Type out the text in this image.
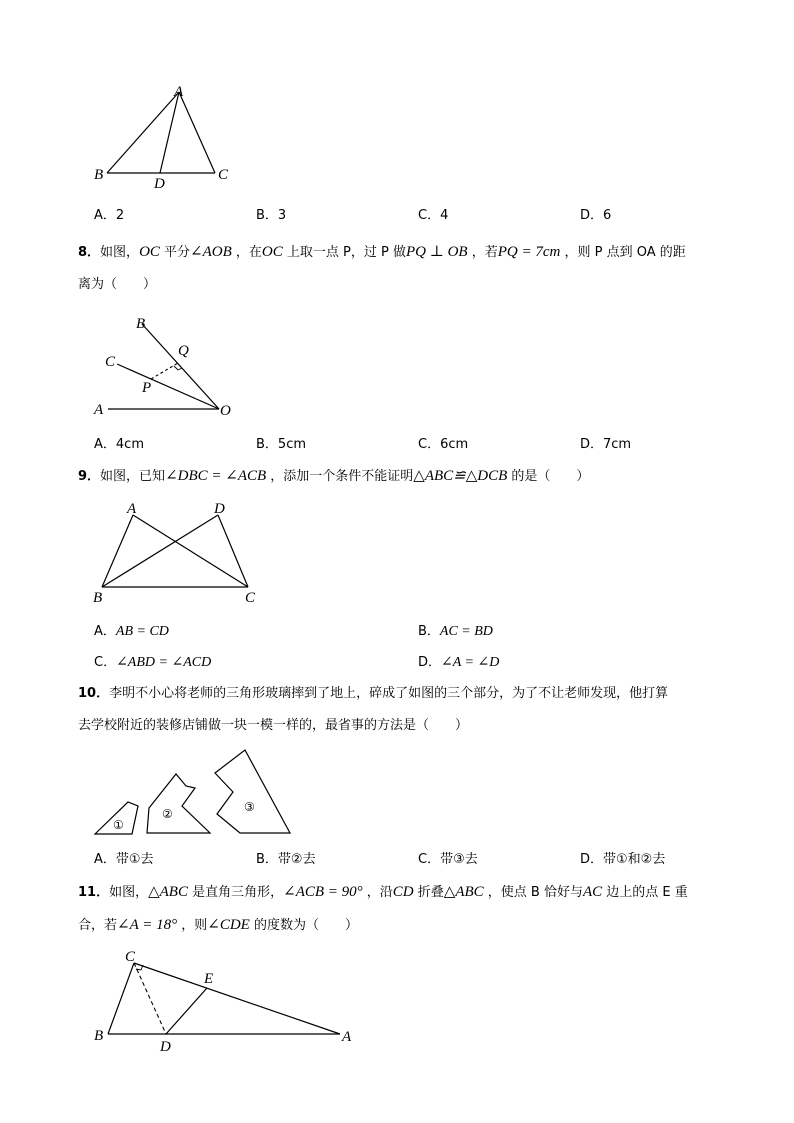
A
B	C
D
A．2	B．3	C．4	D．6
8．如图，OC 平分∠AOB ，在OC 上取一点 P，过 P 做PQ ⊥ OB ，若PQ = 7cm ，则 P 点到 OA 的距
离为（　　）
B
C
A	O
P
Q
A．4cm	B．5cm	C．6cm	D．7cm
9．如图，已知∠DBC = ∠ACB ，添加一个条件不能证明△ABC≌△DCB 的是（　　）
A	D
B	C
A．AB = CD	B．AC = BD
C．∠ABD = ∠ACD	D．∠A = ∠D
10．李明不小心将老师的三角形玻璃摔到了地上，碎成了如图的三个部分，为了不让老师发现，他打算
去学校附近的装修店铺做一块一模一样的，最省事的方法是（　　）
①
②	③
A．带①去	B．带②去	C．带③去	D．带①和②去
11．如图，△ABC 是直角三角形，∠ACB = 90° ，沿CD 折叠△ABC ，使点 B 恰好与AC 边上的点 E 重
合，若∠A = 18° ，则∠CDE 的度数为（　　）
C
E
B
D
A
